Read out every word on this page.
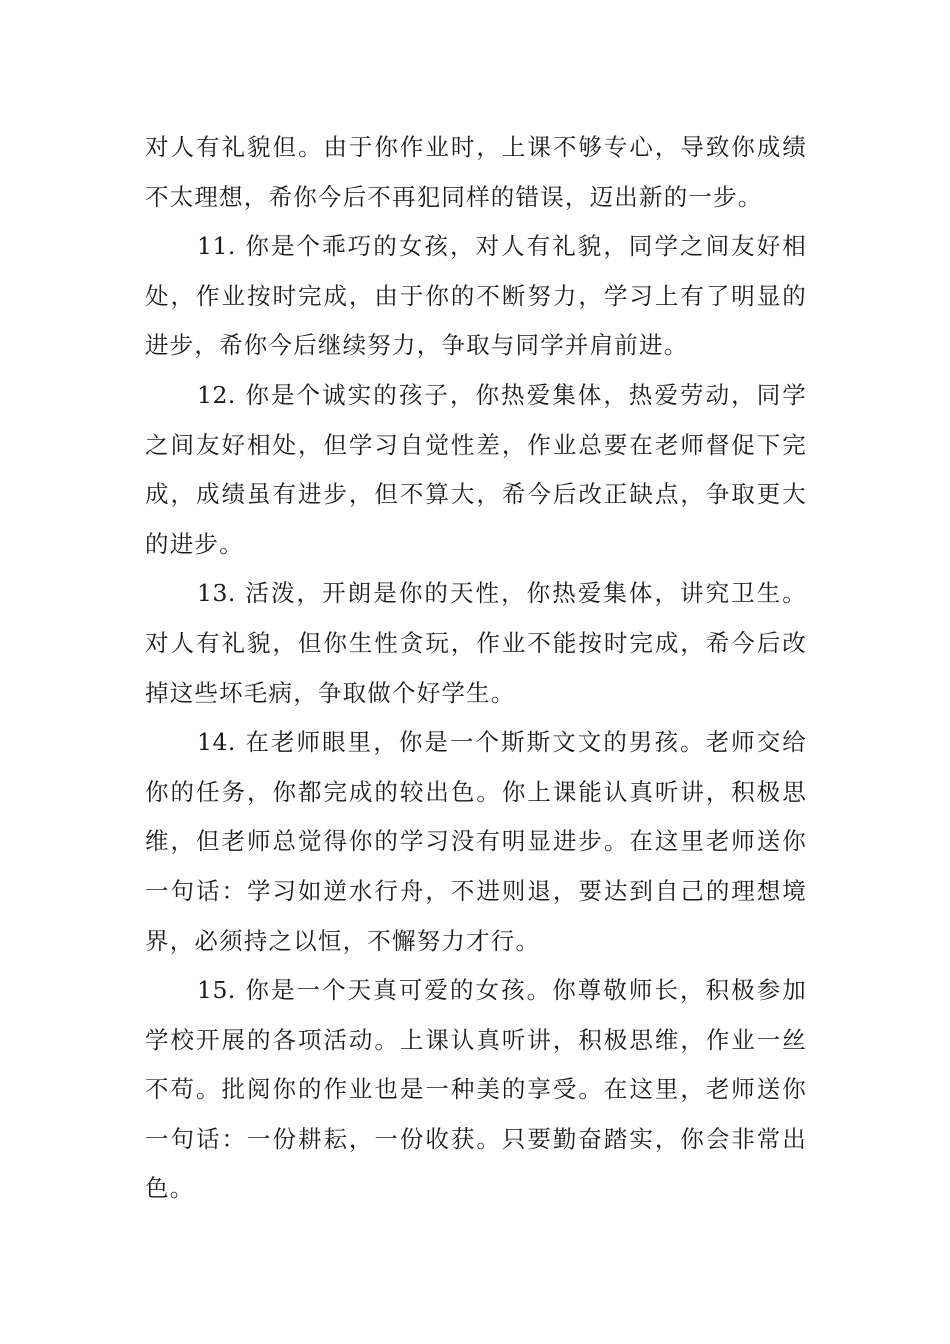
对人有礼貌但。由于你作业时，上课不够专心，导致你成绩不太理想，希你今后不再犯同样的错误，迈出新的一步。

11. 你是个乖巧的女孩，对人有礼貌，同学之间友好相处，作业按时完成，由于你的不断努力，学习上有了明显的进步，希你今后继续努力，争取与同学并肩前进。

12. 你是个诚实的孩子，你热爱集体，热爱劳动，同学之间友好相处，但学习自觉性差，作业总要在老师督促下完成，成绩虽有进步，但不算大，希今后改正缺点，争取更大的进步。

13. 活泼，开朗是你的天性，你热爱集体，讲究卫生。对人有礼貌，但你生性贪玩，作业不能按时完成，希今后改掉这些坏毛病，争取做个好学生。

14. 在老师眼里，你是一个斯斯文文的男孩。老师交给你的任务，你都完成的较出色。你上课能认真听讲，积极思维，但老师总觉得你的学习没有明显进步。在这里老师送你一句话：学习如逆水行舟，不进则退，要达到自己的理想境界，必须持之以恒，不懈努力才行。

15. 你是一个天真可爱的女孩。你尊敬师长，积极参加学校开展的各项活动。上课认真听讲，积极思维，作业一丝不苟。批阅你的作业也是一种美的享受。在这里，老师送你一句话：一份耕耘，一份收获。只要勤奋踏实，你会非常出色。
